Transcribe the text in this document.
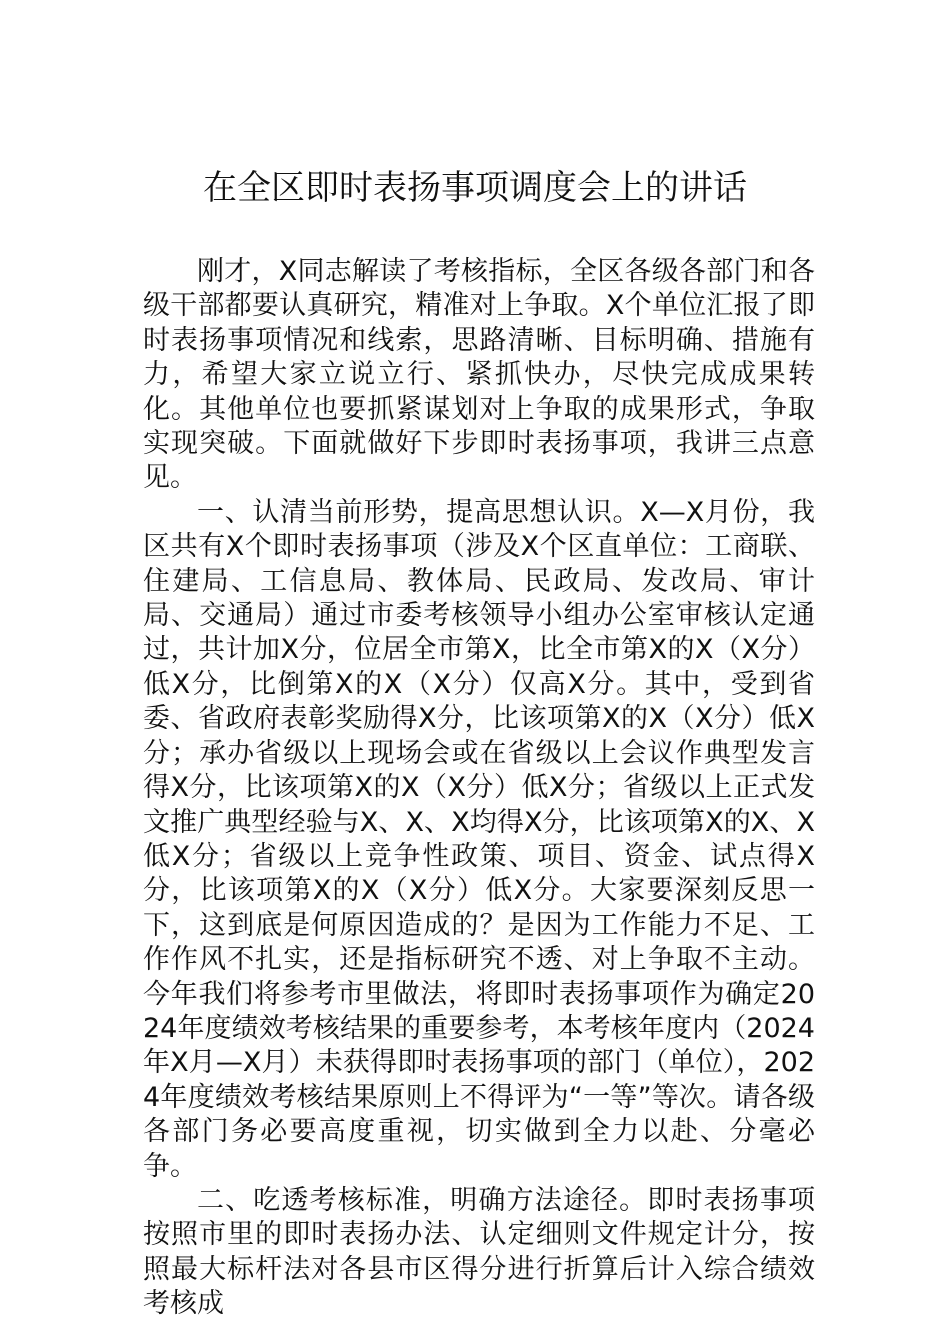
在全区即时表扬事项调度会上的讲话

刚才，X同志解读了考核指标，全区各级各部门和各级干部都要认真研究，精准对上争取。X个单位汇报了即时表扬事项情况和线索，思路清晰、目标明确、措施有力，希望大家立说立行、紧抓快办，尽快完成成果转化。其他单位也要抓紧谋划对上争取的成果形式，争取实现突破。下面就做好下步即时表扬事项，我讲三点意见。

一、认清当前形势，提高思想认识。X—X月份，我区共有X个即时表扬事项（涉及X个区直单位：工商联、住建局、工信息局、教体局、民政局、发改局、审计局、交通局）通过市委考核领导小组办公室审核认定通过，共计加X分，位居全市第X，比全市第X的X（X分）低X分，比倒第X的X（X分）仅高X分。其中，受到省委、省政府表彰奖励得X分，比该项第X的X（X分）低X分；承办省级以上现场会或在省级以上会议作典型发言得X分，比该项第X的X（X分）低X分；省级以上正式发文推广典型经验与X、X、X均得X分，比该项第X的X、X低X分；省级以上竞争性政策、项目、资金、试点得X分，比该项第X的X（X分）低X分。大家要深刻反思一下，这到底是何原因造成的？是因为工作能力不足、工作作风不扎实，还是指标研究不透、对上争取不主动。今年我们将参考市里做法，将即时表扬事项作为确定2024年度绩效考核结果的重要参考，本考核年度内（2024年X月—X月）未获得即时表扬事项的部门（单位），2024年度绩效考核结果原则上不得评为“一等”等次。请各级各部门务必要高度重视，切实做到全力以赴、分毫必争。

二、吃透考核标准，明确方法途径。即时表扬事项按照市里的即时表扬办法、认定细则文件规定计分，按照最大标杆法对各县市区得分进行折算后计入综合绩效考核成
